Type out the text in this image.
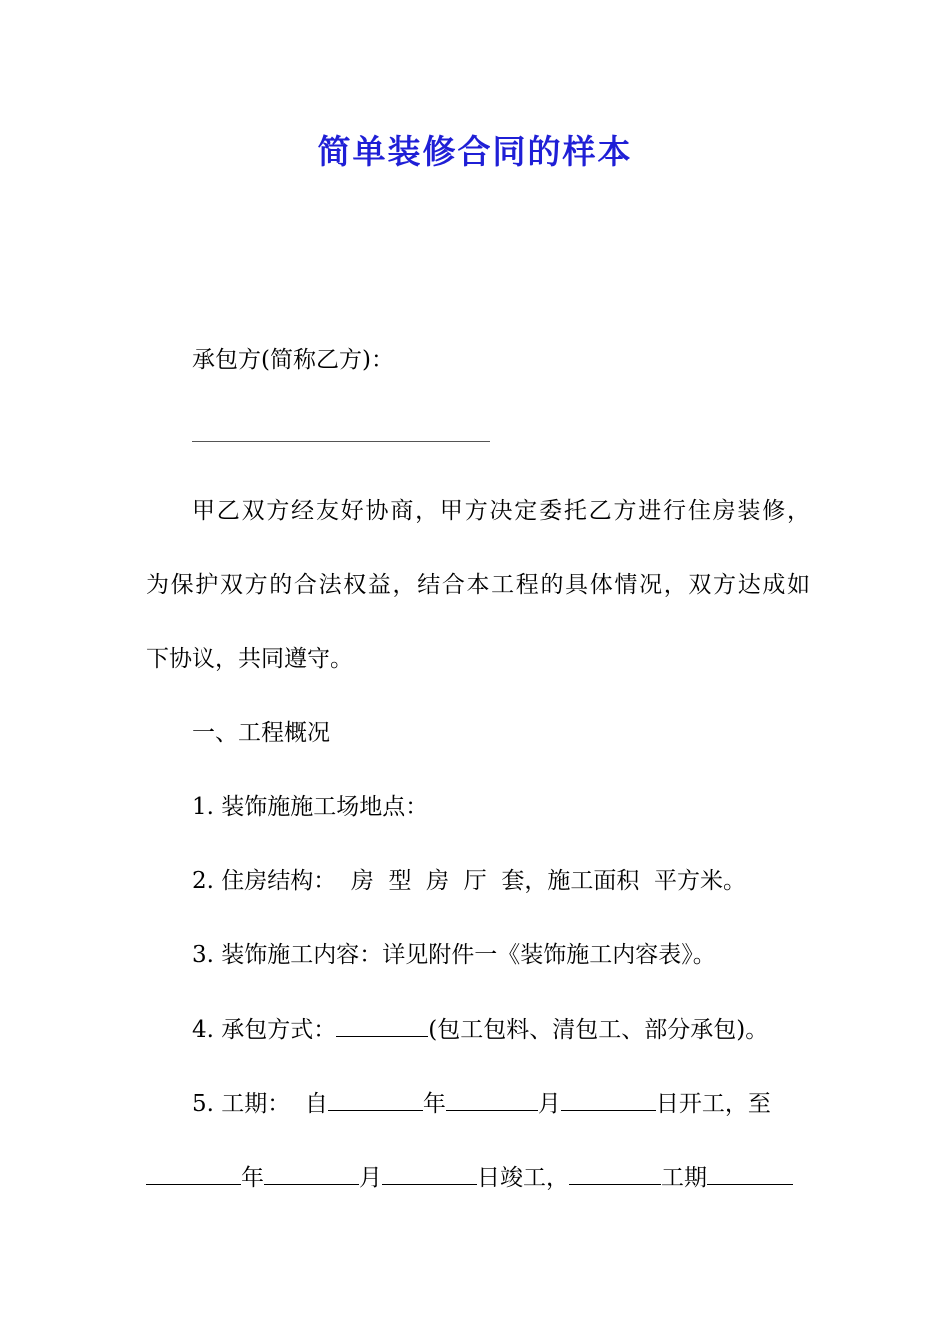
简单装修合同的样本
承包方(简称乙方)：
甲乙双方经友好协商，甲方决定委托乙方进行住房装修，
为保护双方的合法权益，结合本工程的具体情况，双方达成如
下协议，共同遵守。
一、工程概况
1. 装饰施施工场地点：
2. 住房结构：  房  型  房  厅  套，施工面积  平方米。
3. 装饰施工内容：详见附件一《装饰施工内容表》。
4. 承包方式：	(包工包料、清包工、部分承包)。
5. 工期：  自	年	月	日开工，至
年	月	日竣工，	工期
